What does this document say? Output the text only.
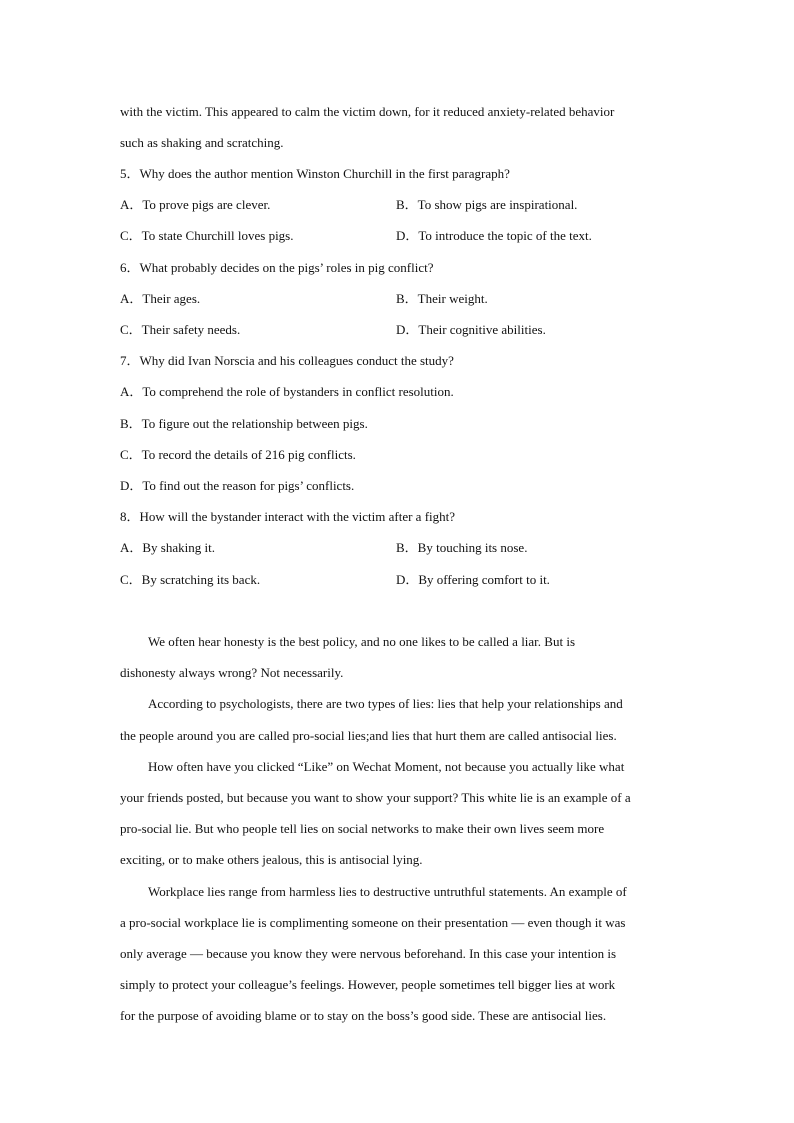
with the victim. This appeared to calm the victim down, for it reduced anxiety-related behavior
such as shaking and scratching.
5．Why does the author mention Winston Churchill in the first paragraph?
A．To prove pigs are clever.	B．To show pigs are inspirational.
C．To state Churchill loves pigs.	D．To introduce the topic of the text.
6．What probably decides on the pigs’ roles in pig conflict?
A．Their ages.	B．Their weight.
C．Their safety needs.	D．Their cognitive abilities.
7．Why did Ivan Norscia and his colleagues conduct the study?
A．To comprehend the role of bystanders in conflict resolution.
B．To figure out the relationship between pigs.
C．To record the details of 216 pig conflicts.
D．To find out the reason for pigs’ conflicts.
8．How will the bystander interact with the victim after a fight?
A．By shaking it.	B．By touching its nose.
C．By scratching its back.	D．By offering comfort to it.
We often hear honesty is the best policy, and no one likes to be called a liar. But is
dishonesty always wrong? Not necessarily.
According to psychologists, there are two types of lies: lies that help your relationships and
the people around you are called pro-social lies;and lies that hurt them are called antisocial lies.
How often have you clicked “Like” on Wechat Moment, not because you actually like what
your friends posted, but because you want to show your support? This white lie is an example of a
pro-social lie. But who people tell lies on social networks to make their own lives seem more
exciting, or to make others jealous, this is antisocial lying.
Workplace lies range from harmless lies to destructive untruthful statements. An example of
a pro-social workplace lie is complimenting someone on their presentation — even though it was
only average — because you know they were nervous beforehand. In this case your intention is
simply to protect your colleague’s feelings. However, people sometimes tell bigger lies at work
for the purpose of avoiding blame or to stay on the boss’s good side. These are antisocial lies.
